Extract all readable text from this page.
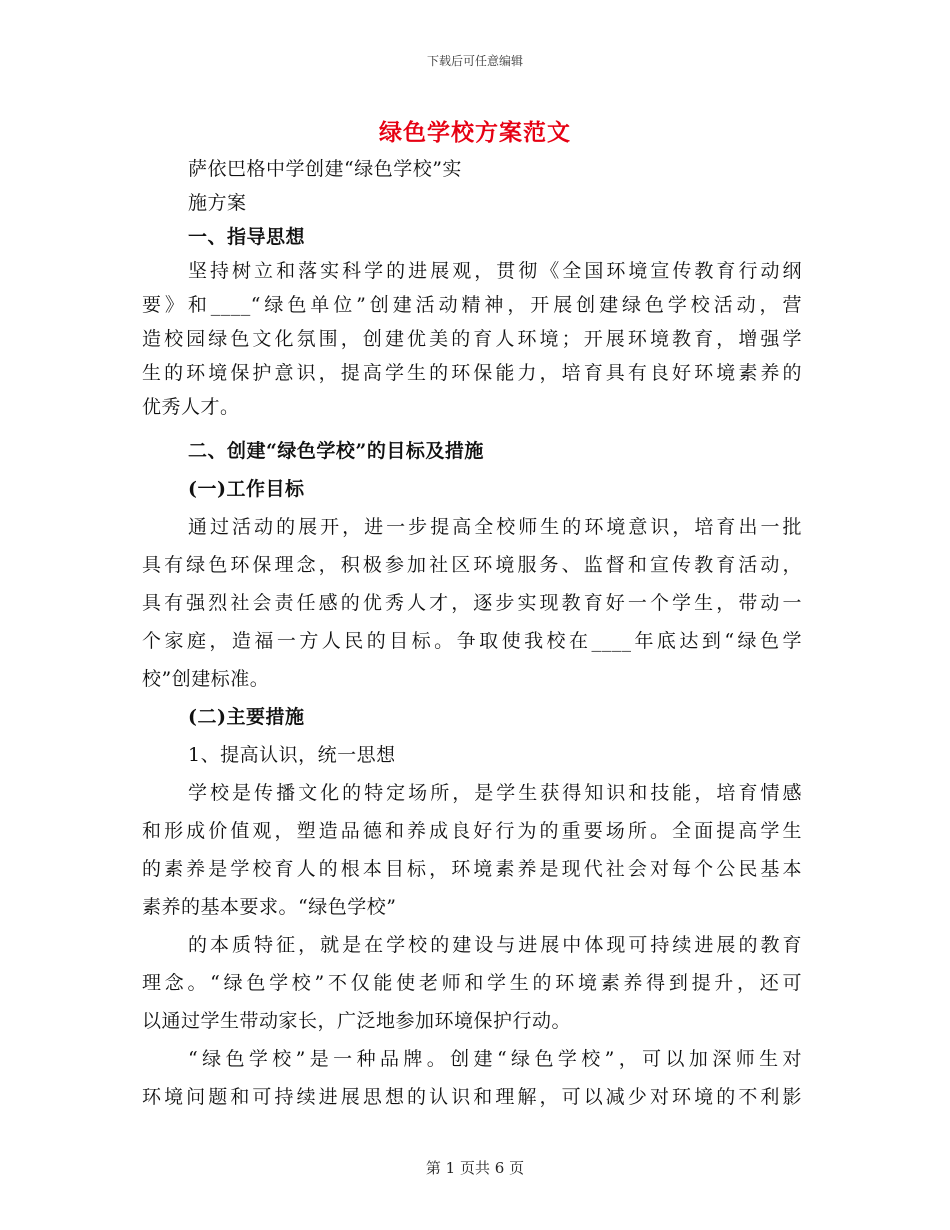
下载后可任意编辑
绿色学校方案范文
萨依巴格中学创建“绿色学校”实
施方案
一、指导思想
坚持树立和落实科学的进展观，贯彻《全国环境宣传教育行动纲
要》和____“绿色单位”创建活动精神，开展创建绿色学校活动，营
造校园绿色文化氛围，创建优美的育人环境；开展环境教育，增强学
生的环境保护意识，提高学生的环保能力，培育具有良好环境素养的
优秀人才。
二、创建“绿色学校”的目标及措施
(一)工作目标
通过活动的展开，进一步提高全校师生的环境意识，培育出一批
具有绿色环保理念，积极参加社区环境服务、监督和宣传教育活动，
具有强烈社会责任感的优秀人才，逐步实现教育好一个学生，带动一
个家庭，造福一方人民的目标。争取使我校在____年底达到“绿色学
校”创建标准。
(二)主要措施
1、提高认识，统一思想
学校是传播文化的特定场所，是学生获得知识和技能，培育情感
和形成价值观，塑造品德和养成良好行为的重要场所。全面提高学生
的素养是学校育人的根本目标，环境素养是现代社会对每个公民基本
素养的基本要求。“绿色学校”
的本质特征，就是在学校的建设与进展中体现可持续进展的教育
理念。“绿色学校”不仅能使老师和学生的环境素养得到提升，还可
以通过学生带动家长，广泛地参加环境保护行动。
“绿色学校”是一种品牌。创建“绿色学校”，可以加深师生对
环境问题和可持续进展思想的认识和理解，可以减少对环境的不利影
第 1 页共 6 页
